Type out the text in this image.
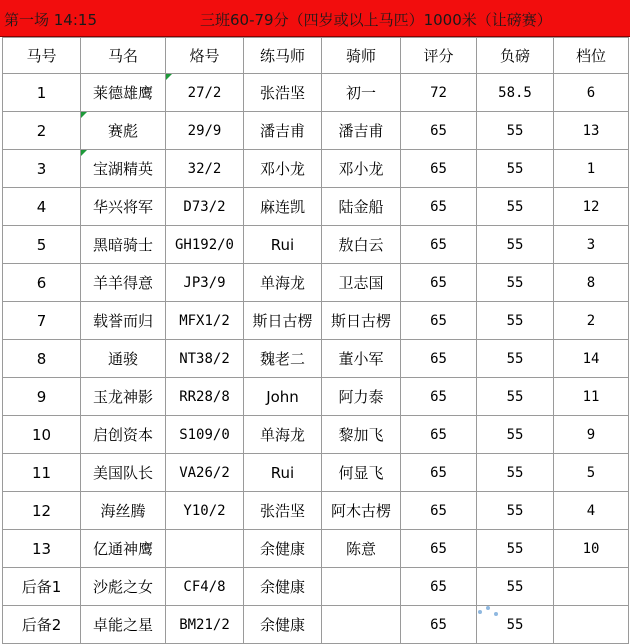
第一场 14:15	三班60-79分（四岁或以上马匹）1000米（让磅赛）
马号	马名	烙号	练马师	骑师	评分	负磅	档位
1	莱德雄鹰	27/2	张浩坚	初一	72	58.5	6
2	赛彪	29/9	潘吉甫	潘吉甫	65	55	13
3	宝湖精英	32/2	邓小龙	邓小龙	65	55	1
4	华兴将军	D73/2	麻连凯	陆金船	65	55	12
5	黑暗骑士	GH192/0	Rui	敖白云	65	55	3
6	羊羊得意	JP3/9	单海龙	卫志国	65	55	8
7	载誉而归	MFX1/2	斯日古楞	斯日古楞	65	55	2
8	通骏	NT38/2	魏老二	董小军	65	55	14
9	玉龙神影	RR28/8	John	阿力泰	65	55	11
10	启创资本	S109/0	单海龙	黎加飞	65	55	9
11	美国队长	VA26/2	Rui	何显飞	65	55	5
12	海丝腾	Y10/2	张浩坚	阿木古楞	65	55	4
13	亿通神鹰		余健康	陈意	65	55	10
后备1	沙彪之女	CF4/8	余健康		65	55	
后备2	卓能之星	BM21/2	余健康		65	55	
